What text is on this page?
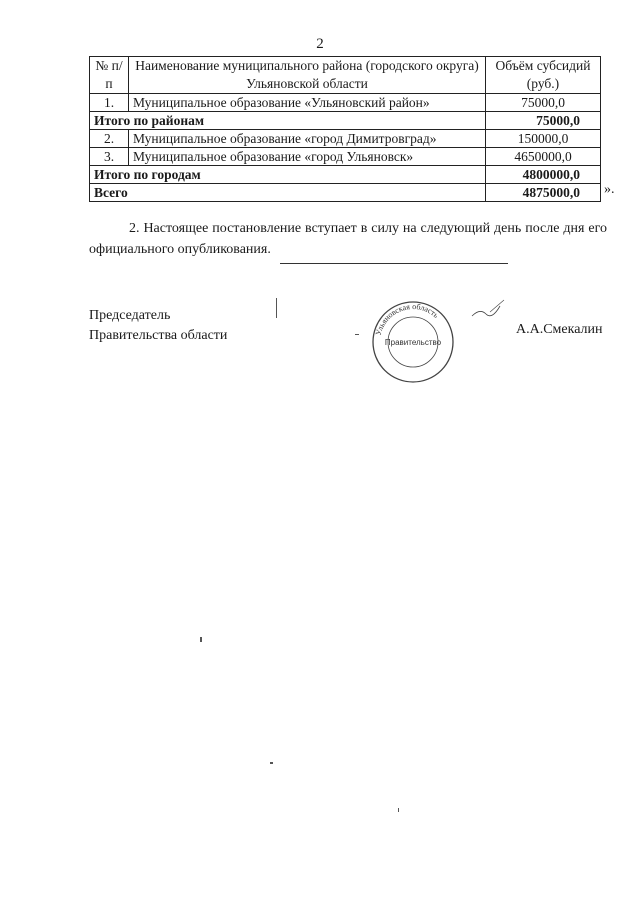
2
№ п/п	Наименование муниципального района (городского округа) Ульяновской области	Объём субсидий (руб.)
1.	Муниципальное образование «Ульяновский район»	75000,0
Итого по районам		75000,0
2.	Муниципальное образование «город Димитровград»	150000,0
3.	Муниципальное образование «город Ульяновск»	4650000,0
Итого по городам		4800000,0
Всего		4875000,0 ».
2. Настоящее постановление вступает в силу на следующий день после дня его официального опубликования.
Председатель
Правительства области	Ульяновская область
Правительство
А.А.Смекалин
